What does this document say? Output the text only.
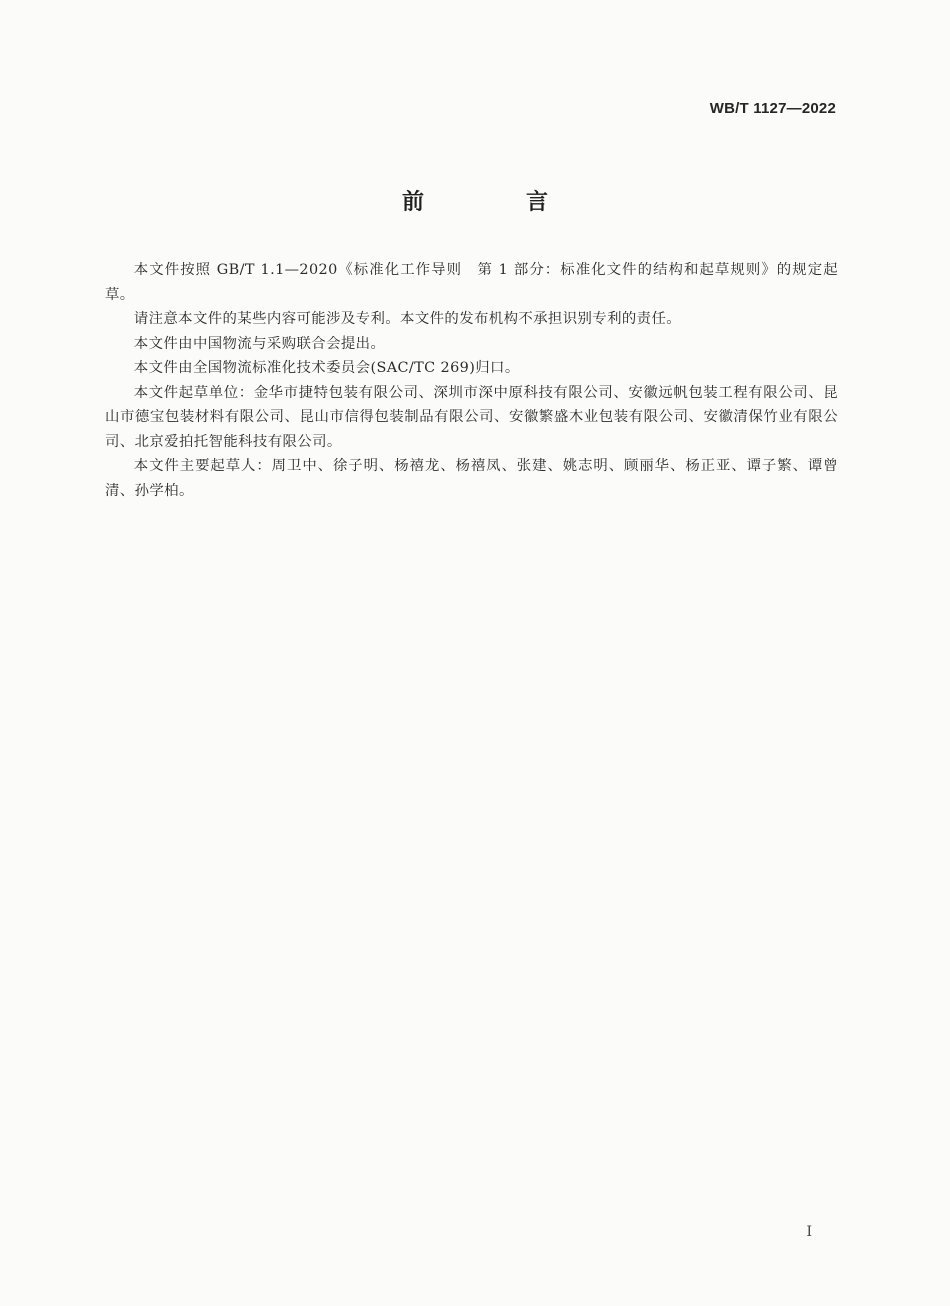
WB/T 1127—2022
前　言

本文件按照 GB/T 1.1—2020《标准化工作导则　第 1 部分：标准化文件的结构和起草规则》的规定起草。

请注意本文件的某些内容可能涉及专利。本文件的发布机构不承担识别专利的责任。

本文件由中国物流与采购联合会提出。

本文件由全国物流标准化技术委员会(SAC/TC 269)归口。

本文件起草单位：金华市捷特包装有限公司、深圳市深中原科技有限公司、安徽远帆包装工程有限公司、昆山市德宝包装材料有限公司、昆山市信得包装制品有限公司、安徽繁盛木业包装有限公司、安徽清保竹业有限公司、北京爱拍托智能科技有限公司。

本文件主要起草人：周卫中、徐子明、杨禧龙、杨禧凤、张建、姚志明、顾丽华、杨正亚、谭子繁、谭曾清、孙学柏。

I
